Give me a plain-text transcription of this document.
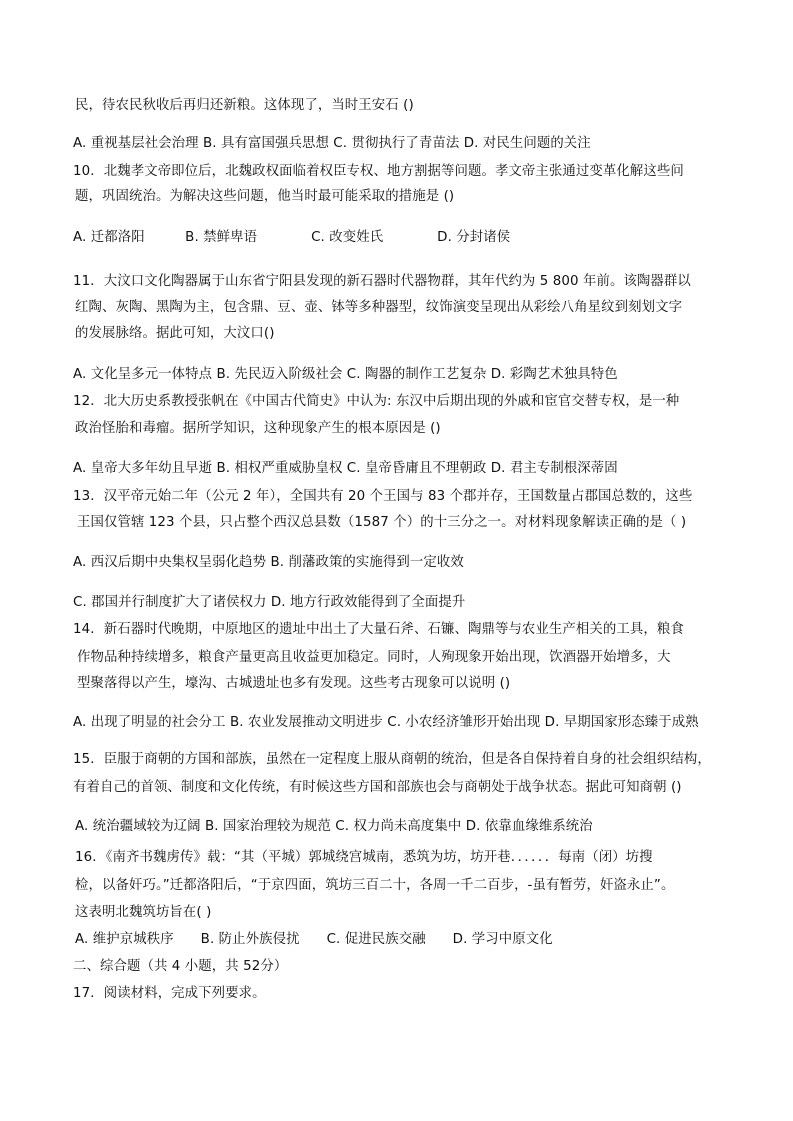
民，待农民秋收后再归还新粮。这体现了，当时王安石 ()
A. 重视基层社会治理 B. 具有富国强兵思想 C. 贯彻执行了青苗法 D. 对民生问题的关注
10．北魏孝文帝即位后，北魏政权面临着权臣专权、地方割据等问题。孝文帝主张通过变革化解这些问
题，巩固统治。为解决这些问题，他当时最可能采取的措施是 ()
A. 迁都洛阳　　　B. 禁鲜卑语　　　　C. 改变姓氏　　　　D. 分封诸侯
11．大汶口文化陶器属于山东省宁阳县发现的新石器时代器物群，其年代约为 5 800 年前。该陶器群以
红陶、灰陶、黑陶为主，包含鼎、豆、壶、钵等多种器型，纹饰演变呈现出从彩绘八角星纹到刻划文字
的发展脉络。据此可知，大汶口()
A. 文化呈多元一体特点 B. 先民迈入阶级社会 C. 陶器的制作工艺复杂 D. 彩陶艺术独具特色
12．北大历史系教授张帆在《中国古代简史》中认为: 东汉中后期出现的外戚和宦官交替专权，是一种
政治怪胎和毒瘤。据所学知识，这种现象产生的根本原因是 ()
A. 皇帝大多年幼且早逝 B. 相权严重威胁皇权 C. 皇帝昏庸且不理朝政 D. 君主专制根深蒂固
13．汉平帝元始二年（公元 2 年），全国共有 20 个王国与 83 个郡并存，王国数量占郡国总数的，这些
王国仅管辖 123 个县，只占整个西汉总县数（1587 个）的十三分之一。对材料现象解读正确的是（ )
A. 西汉后期中央集权呈弱化趋势 B. 削藩政策的实施得到一定收效
C. 郡国并行制度扩大了诸侯权力 D. 地方行政效能得到了全面提升
14．新石器时代晚期，中原地区的遗址中出土了大量石斧、石镰、陶鼎等与农业生产相关的工具，粮食
作物品种持续增多，粮食产量更高且收益更加稳定。同时，人殉现象开始出现，饮酒器开始增多，大
型聚落得以产生，壕沟、古城遗址也多有发现。这些考古现象可以说明 ()
A. 出现了明显的社会分工 B. 农业发展推动文明进步 C. 小农经济雏形开始出现 D. 早期国家形态臻于成熟
15．臣服于商朝的方国和部族，虽然在一定程度上服从商朝的统治，但是各自保持着自身的社会组织结构，
有着自己的首领、制度和文化传统，有时候这些方国和部族也会与商朝处于战争状态。据此可知商朝 ()
A. 统治疆域较为辽阔 B. 国家治理较为规范 C. 权力尚未高度集中 D. 依靠血缘维系统治
16．《南齐书魏虏传》载：“其（平城）郭城绕宫城南，悉筑为坊，坊开巷．．．．．．每南（闭）坊搜
检，以备奸巧。”迁都洛阳后，“于京四面，筑坊三百二十，各周一千二百步，-虽有暂劳，奸盗永止”。
这表明北魏筑坊旨在( )
A. 维护京城秩序　　B. 防止外族侵扰　　C. 促进民族交融　　D. 学习中原文化
二、综合题（共 4 小题，共 52分）
17．阅读材料，完成下列要求。
